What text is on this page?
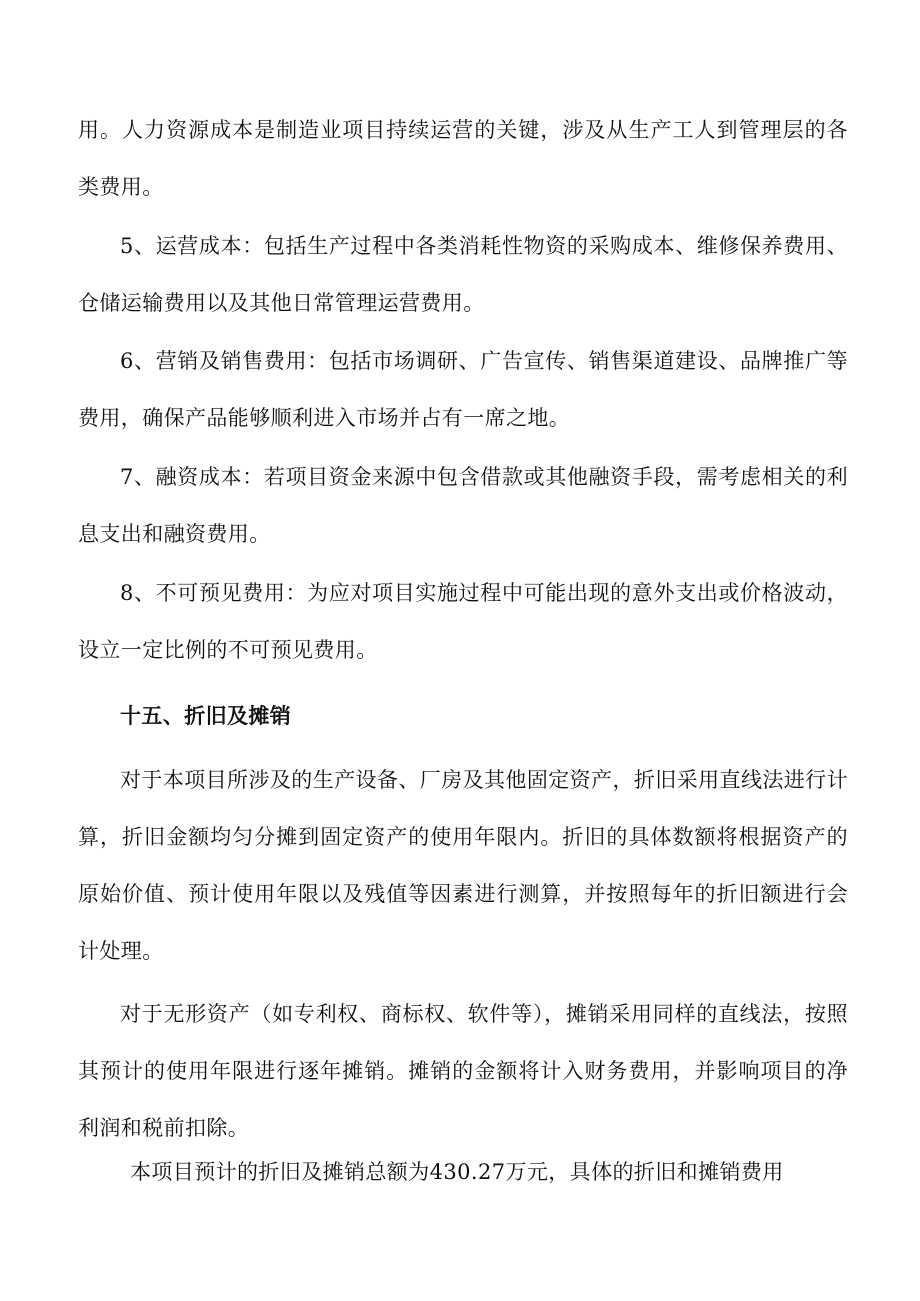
用。人力资源成本是制造业项目持续运营的关键，涉及从生产工人到管理层的各类费用。

5、运营成本：包括生产过程中各类消耗性物资的采购成本、维修保养费用、仓储运输费用以及其他日常管理运营费用。

6、营销及销售费用：包括市场调研、广告宣传、销售渠道建设、品牌推广等费用，确保产品能够顺利进入市场并占有一席之地。

7、融资成本：若项目资金来源中包含借款或其他融资手段，需考虑相关的利息支出和融资费用。

8、不可预见费用：为应对项目实施过程中可能出现的意外支出或价格波动，设立一定比例的不可预见费用。

十五、折旧及摊销

对于本项目所涉及的生产设备、厂房及其他固定资产，折旧采用直线法进行计算，折旧金额均匀分摊到固定资产的使用年限内。折旧的具体数额将根据资产的原始价值、预计使用年限以及残值等因素进行测算，并按照每年的折旧额进行会计处理。

对于无形资产（如专利权、商标权、软件等），摊销采用同样的直线法，按照其预计的使用年限进行逐年摊销。摊销的金额将计入财务费用，并影响项目的净利润和税前扣除。

本项目预计的折旧及摊销总额为430.27万元，具体的折旧和摊销费用
